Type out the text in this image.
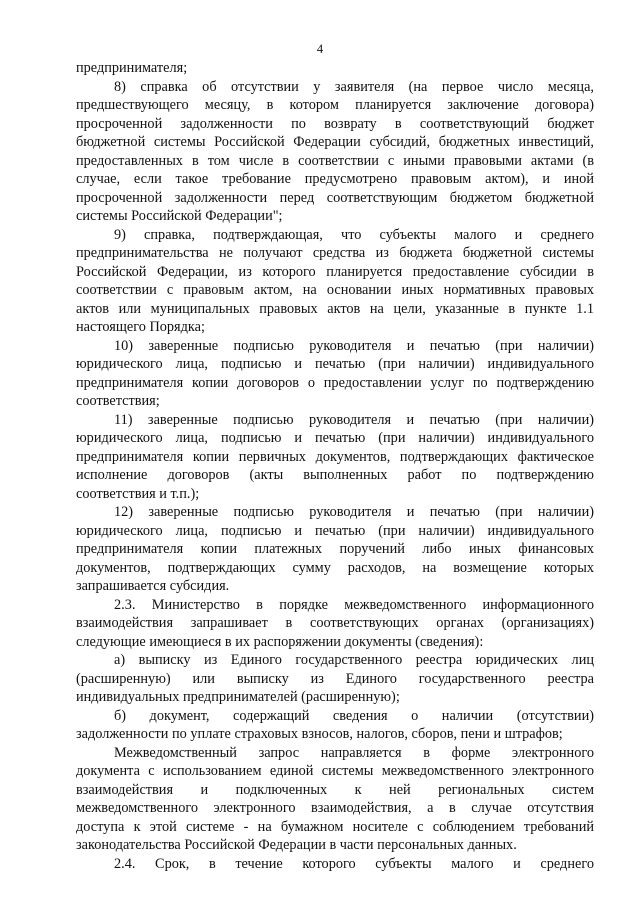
4
предпринимателя;
8) справка об отсутствии у заявителя (на первое число месяца,
предшествующего месяцу, в котором планируется заключение договора)
просроченной задолженности по возврату в соответствующий бюджет
бюджетной системы Российской Федерации субсидий, бюджетных инвестиций,
предоставленных в том числе в соответствии с иными правовыми актами (в
случае, если такое требование предусмотрено правовым актом), и иной
просроченной задолженности перед соответствующим бюджетом бюджетной
системы Российской Федерации";
9) справка, подтверждающая, что субъекты малого и среднего
предпринимательства не получают средства из бюджета бюджетной системы
Российской Федерации, из которого планируется предоставление субсидии в
соответствии с правовым актом, на основании иных нормативных правовых
актов или муниципальных правовых актов на цели, указанные в пункте 1.1
настоящего Порядка;
10) заверенные подписью руководителя и печатью (при наличии)
юридического лица, подписью и печатью (при наличии) индивидуального
предпринимателя копии договоров о предоставлении услуг по подтверждению
соответствия;
11) заверенные подписью руководителя и печатью (при наличии)
юридического лица, подписью и печатью (при наличии) индивидуального
предпринимателя копии первичных документов, подтверждающих фактическое
исполнение договоров (акты выполненных работ по подтверждению
соответствия и т.п.);
12) заверенные подписью руководителя и печатью (при наличии)
юридического лица, подписью и печатью (при наличии) индивидуального
предпринимателя копии платежных поручений либо иных финансовых
документов, подтверждающих сумму расходов, на возмещение которых
запрашивается субсидия.
2.3. Министерство в порядке межведомственного информационного
взаимодействия запрашивает в соответствующих органах (организациях)
следующие имеющиеся в их распоряжении документы (сведения):
а) выписку из Единого государственного реестра юридических лиц
(расширенную) или выписку из Единого государственного реестра
индивидуальных предпринимателей (расширенную);
б) документ, содержащий сведения о наличии (отсутствии)
задолженности по уплате страховых взносов, налогов, сборов, пени и штрафов;
Межведомственный запрос направляется в форме электронного
документа с использованием единой системы межведомственного электронного
взаимодействия и подключенных к ней региональных систем
межведомственного электронного взаимодействия, а в случае отсутствия
доступа к этой системе - на бумажном носителе с соблюдением требований
законодательства Российской Федерации в части персональных данных.
2.4. Срок, в течение которого субъекты малого и среднего
